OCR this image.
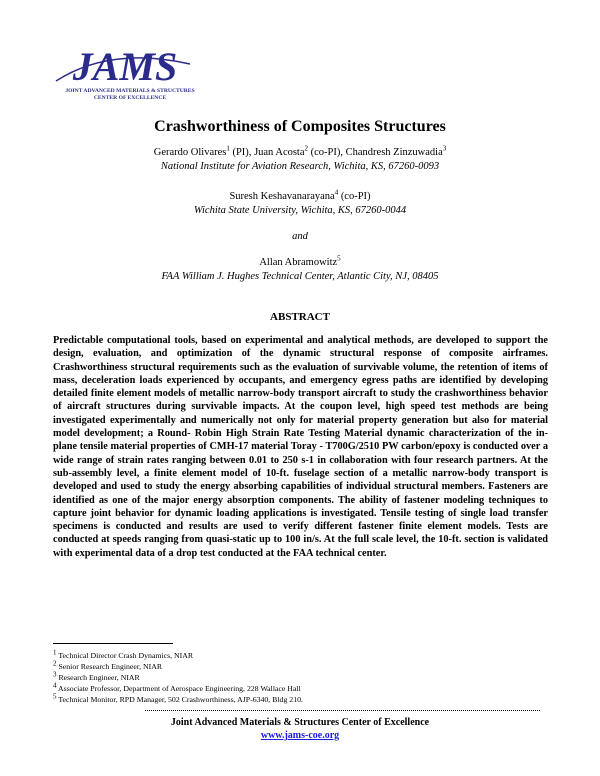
JAMS
JOINT ADVANCED MATERIALS & STRUCTURES
CENTER OF EXCELLENCE
Crashworthiness of Composites Structures
Gerardo Olivares$^1$ (PI), Juan Acosta$^2$ (co-PI), Chandresh Zinzuwadia$^3$
National Institute for Aviation Research, Wichita, KS, 67260-0093
Suresh Keshavanarayana$^4$ (co-PI)
Wichita State University, Wichita, KS, 67260-0044
and
Allan Abramowitz$^5$
FAA William J. Hughes Technical Center, Atlantic City, NJ, 08405
ABSTRACT
Predictable computational tools, based on experimental and analytical methods, are developed to support the design, evaluation, and optimization of the dynamic structural response of composite airframes. Crashworthiness structural requirements such as the evaluation of survivable volume, the retention of items of mass, deceleration loads experienced by occupants, and emergency egress paths are identified by developing detailed finite element models of metallic narrow-body transport aircraft to study the crashworthiness behavior of aircraft structures during survivable impacts. At the coupon level, high speed test methods are being investigated experimentally and numerically not only for material property generation but also for material model development; a Round- Robin High Strain Rate Testing Material dynamic characterization of the in-plane tensile material properties of CMH-17 material Toray - T700G/2510 PW carbon/epoxy is conducted over a wide range of strain rates ranging between 0.01 to 250 s-1 in collaboration with four research partners. At the sub-assembly level, a finite element model of 10-ft. fuselage section of a metallic narrow-body transport is developed and used to study the energy absorbing capabilities of individual structural members. Fasteners are identified as one of the major energy absorption components. The ability of fastener modeling techniques to capture joint behavior for dynamic loading applications is investigated. Tensile testing of single load transfer specimens is conducted and results are used to verify different fastener finite element models. Tests are conducted at speeds ranging from quasi-static up to 100 in/s. At the full scale level, the 10-ft. section is validated with experimental data of a drop test conducted at the FAA technical center.
$^1$ Technical Director Crash Dynamics, NIAR
$^2$ Senior Research Engineer, NIAR
$^3$ Research Engineer, NIAR
$^4$ Associate Professor, Department of Aerospace Engineering, 228 Wallace Hall
$^5$ Technical Monitor, RPD Manager, 502 Crashworthiness, AJP-6340, Bldg 210.
Joint Advanced Materials & Structures Center of Excellence
www.jams-coe.org
